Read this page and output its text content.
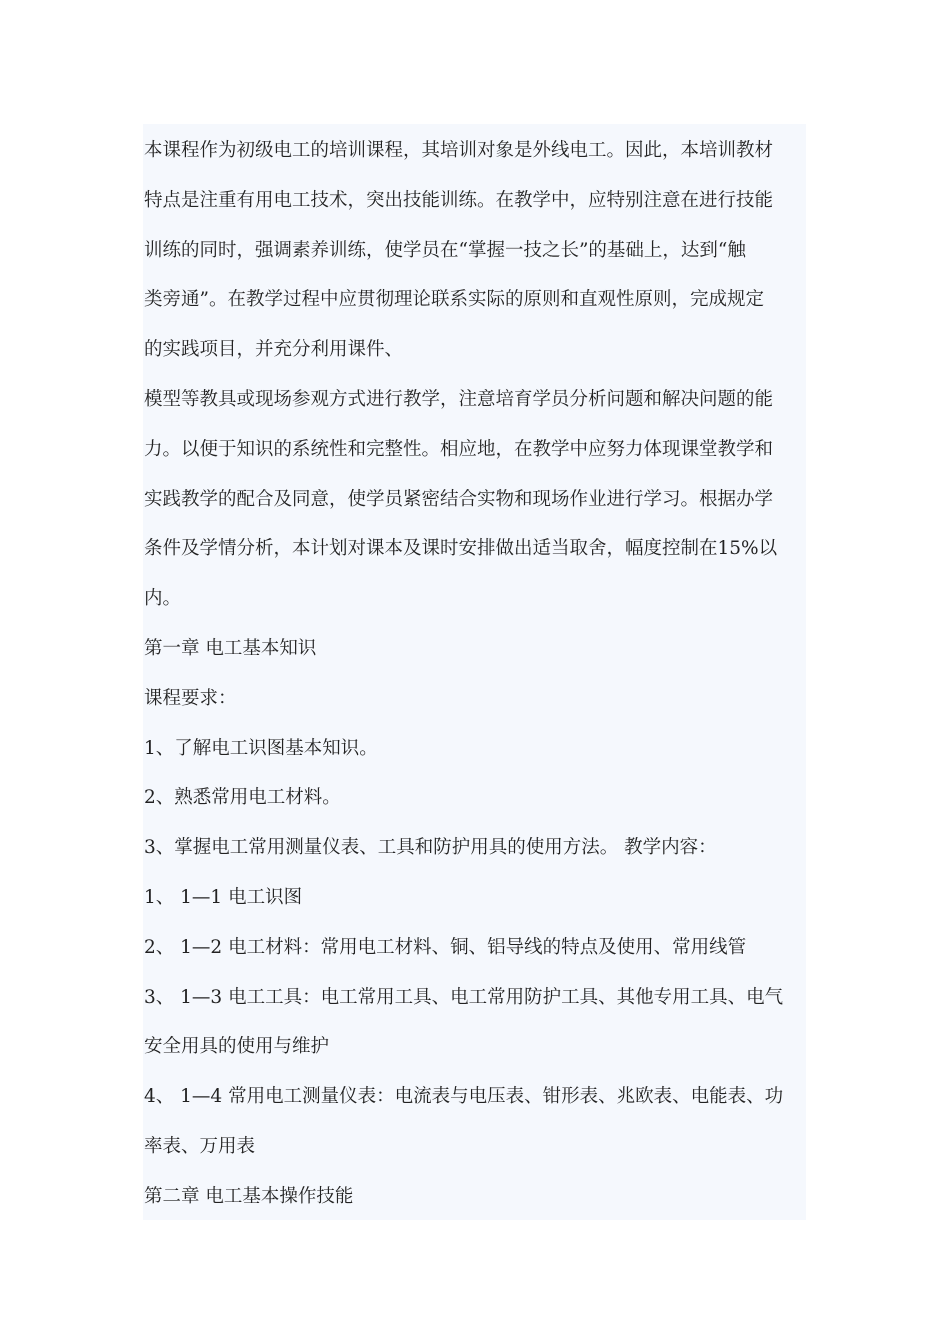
本课程作为初级电工的培训课程，其培训对象是外线电工。因此，本培训教材

特点是注重有用电工技术，突出技能训练。在教学中，应特别注意在进行技能

训练的同时，强调素养训练，使学员在“掌握一技之长”的基础上，达到“触

类旁通”。在教学过程中应贯彻理论联系实际的原则和直观性原则，完成规定

的实践项目，并充分利用课件、

模型等教具或现场参观方式进行教学，注意培育学员分析问题和解决问题的能

力。以便于知识的系统性和完整性。相应地，在教学中应努力体现课堂教学和

实践教学的配合及同意，使学员紧密结合实物和现场作业进行学习。根据办学

条件及学情分析，本计划对课本及课时安排做出适当取舍，幅度控制在15%以

内。

第一章 电工基本知识

课程要求：

1、了解电工识图基本知识。

2、熟悉常用电工材料。

3、掌握电工常用测量仪表、工具和防护用具的使用方法。 教学内容：

1、 1—1 电工识图

2、 1—2 电工材料：常用电工材料、铜、铝导线的特点及使用、常用线管

3、 1—3 电工工具：电工常用工具、电工常用防护工具、其他专用工具、电气

安全用具的使用与维护

4、 1—4 常用电工测量仪表：电流表与电压表、钳形表、兆欧表、电能表、功

率表、万用表

第二章 电工基本操作技能
